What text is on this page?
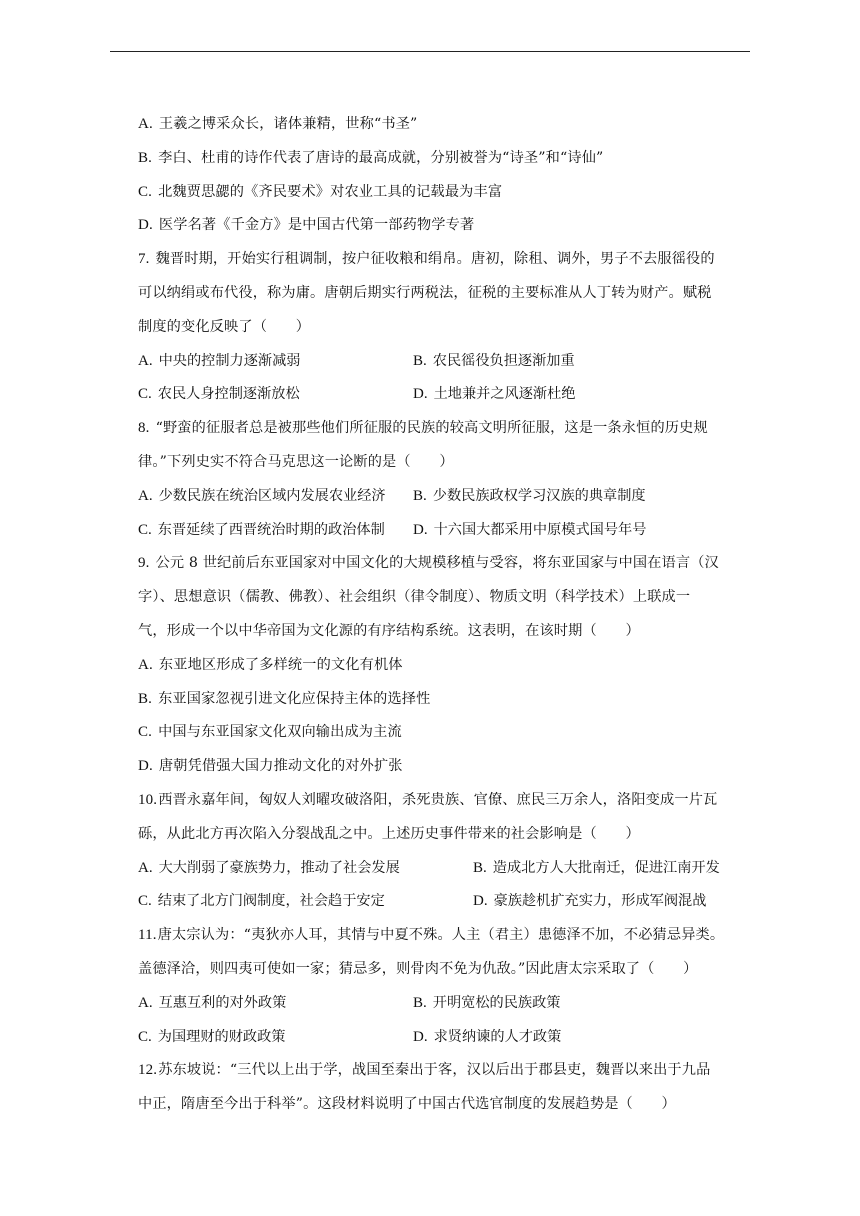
A. 王羲之博采众长，诸体兼精，世称“书圣”
B. 李白、杜甫的诗作代表了唐诗的最高成就，分别被誉为“诗圣”和“诗仙”
C. 北魏贾思勰的《齐民要术》对农业工具的记载最为丰富
D. 医学名著《千金方》是中国古代第一部药物学专著
7. 魏晋时期，开始实行租调制，按户征收粮和绢帛。唐初，除租、调外，男子不去服徭役的
可以纳绢或布代役，称为庸。唐朝后期实行两税法，征税的主要标准从人丁转为财产。赋税
制度的变化反映了（　　）
A. 中央的控制力逐渐减弱	B. 农民徭役负担逐渐加重
C. 农民人身控制逐渐放松	D. 土地兼并之风逐渐杜绝
8. “野蛮的征服者总是被那些他们所征服的民族的较高文明所征服，这是一条永恒的历史规
律。”下列史实不符合马克思这一论断的是（　　）
A. 少数民族在统治区域内发展农业经济	B. 少数民族政权学习汉族的典章制度
C. 东晋延续了西晋统治时期的政治体制	D. 十六国大都采用中原模式国号年号
9. 公元 8 世纪前后东亚国家对中国文化的大规模移植与受容，将东亚国家与中国在语言（汉
字）、思想意识（儒教、佛教）、社会组织（律令制度）、物质文明（科学技术）上联成一
气，形成一个以中华帝国为文化源的有序结构系统。这表明，在该时期（　　）
A. 东亚地区形成了多样统一的文化有机体
B. 东亚国家忽视引进文化应保持主体的选择性
C. 中国与东亚国家文化双向输出成为主流
D. 唐朝凭借强大国力推动文化的对外扩张
10.西晋永嘉年间，匈奴人刘曜攻破洛阳，杀死贵族、官僚、庶民三万余人，洛阳变成一片瓦
砾，从此北方再次陷入分裂战乱之中。上述历史事件带来的社会影响是（　　）
A. 大大削弱了豪族势力，推动了社会发展	B. 造成北方人大批南迁，促进江南开发
C. 结束了北方门阀制度，社会趋于安定	D. 豪族趁机扩充实力，形成军阀混战
11.唐太宗认为：“夷狄亦人耳，其情与中夏不殊。人主（君主）患德泽不加，不必猜忌异类。
盖德泽洽，则四夷可使如一家；猜忌多，则骨肉不免为仇敌。”因此唐太宗采取了（　　）
A. 互惠互利的对外政策	B. 开明宽松的民族政策
C. 为国理财的财政政策	D. 求贤纳谏的人才政策
12.苏东坡说：“三代以上出于学，战国至秦出于客，汉以后出于郡县吏，魏晋以来出于九品
中正，隋唐至今出于科举”。这段材料说明了中国古代选官制度的发展趋势是（　　）
